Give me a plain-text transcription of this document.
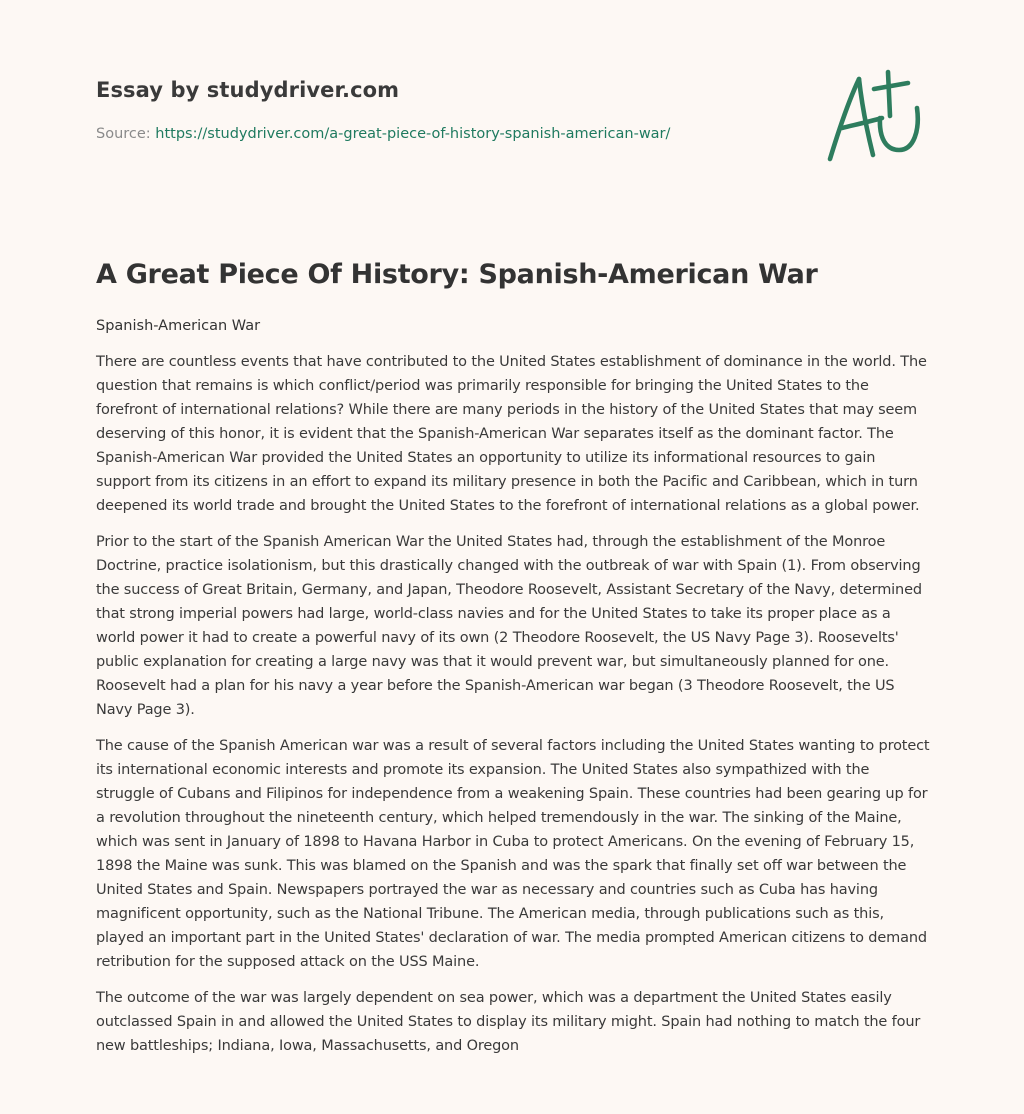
Essay by studydriver.com

Source: https://studydriver.com/a-great-piece-of-history-spanish-american-war/
A Great Piece Of History: Spanish-American War

Spanish-American War

There are countless events that have contributed to the United States establishment of dominance in the world. The question that remains is which conflict/period was primarily responsible for bringing the United States to the forefront of international relations? While there are many periods in the history of the United States that may seem deserving of this honor, it is evident that the Spanish-American War separates itself as the dominant factor. The Spanish-American War provided the United States an opportunity to utilize its informational resources to gain support from its citizens in an effort to expand its military presence in both the Pacific and Caribbean, which in turn deepened its world trade and brought the United States to the forefront of international relations as a global power.

Prior to the start of the Spanish American War the United States had, through the establishment of the Monroe Doctrine, practice isolationism, but this drastically changed with the outbreak of war with Spain (1). From observing the success of Great Britain, Germany, and Japan, Theodore Roosevelt, Assistant Secretary of the Navy, determined that strong imperial powers had large, world-class navies and for the United States to take its proper place as a world power it had to create a powerful navy of its own (2 Theodore Roosevelt, the US Navy Page 3). Roosevelts' public explanation for creating a large navy was that it would prevent war, but simultaneously planned for one. Roosevelt had a plan for his navy a year before the Spanish-American war began (3 Theodore Roosevelt, the US Navy Page 3).

The cause of the Spanish American war was a result of several factors including the United States wanting to protect its international economic interests and promote its expansion. The United States also sympathized with the struggle of Cubans and Filipinos for independence from a weakening Spain. These countries had been gearing up for a revolution throughout the nineteenth century, which helped tremendously in the war. The sinking of the Maine, which was sent in January of 1898 to Havana Harbor in Cuba to protect Americans. On the evening of February 15, 1898 the Maine was sunk. This was blamed on the Spanish and was the spark that finally set off war between the United States and Spain. Newspapers portrayed the war as necessary and countries such as Cuba has having magnificent opportunity, such as the National Tribune. The American media, through publications such as this, played an important part in the United States' declaration of war. The media prompted American citizens to demand retribution for the supposed attack on the USS Maine.

The outcome of the war was largely dependent on sea power, which was a department the United States easily outclassed Spain in and allowed the United States to display its military might. Spain had nothing to match the four new battleships; Indiana, Iowa, Massachusetts, and Oregon
